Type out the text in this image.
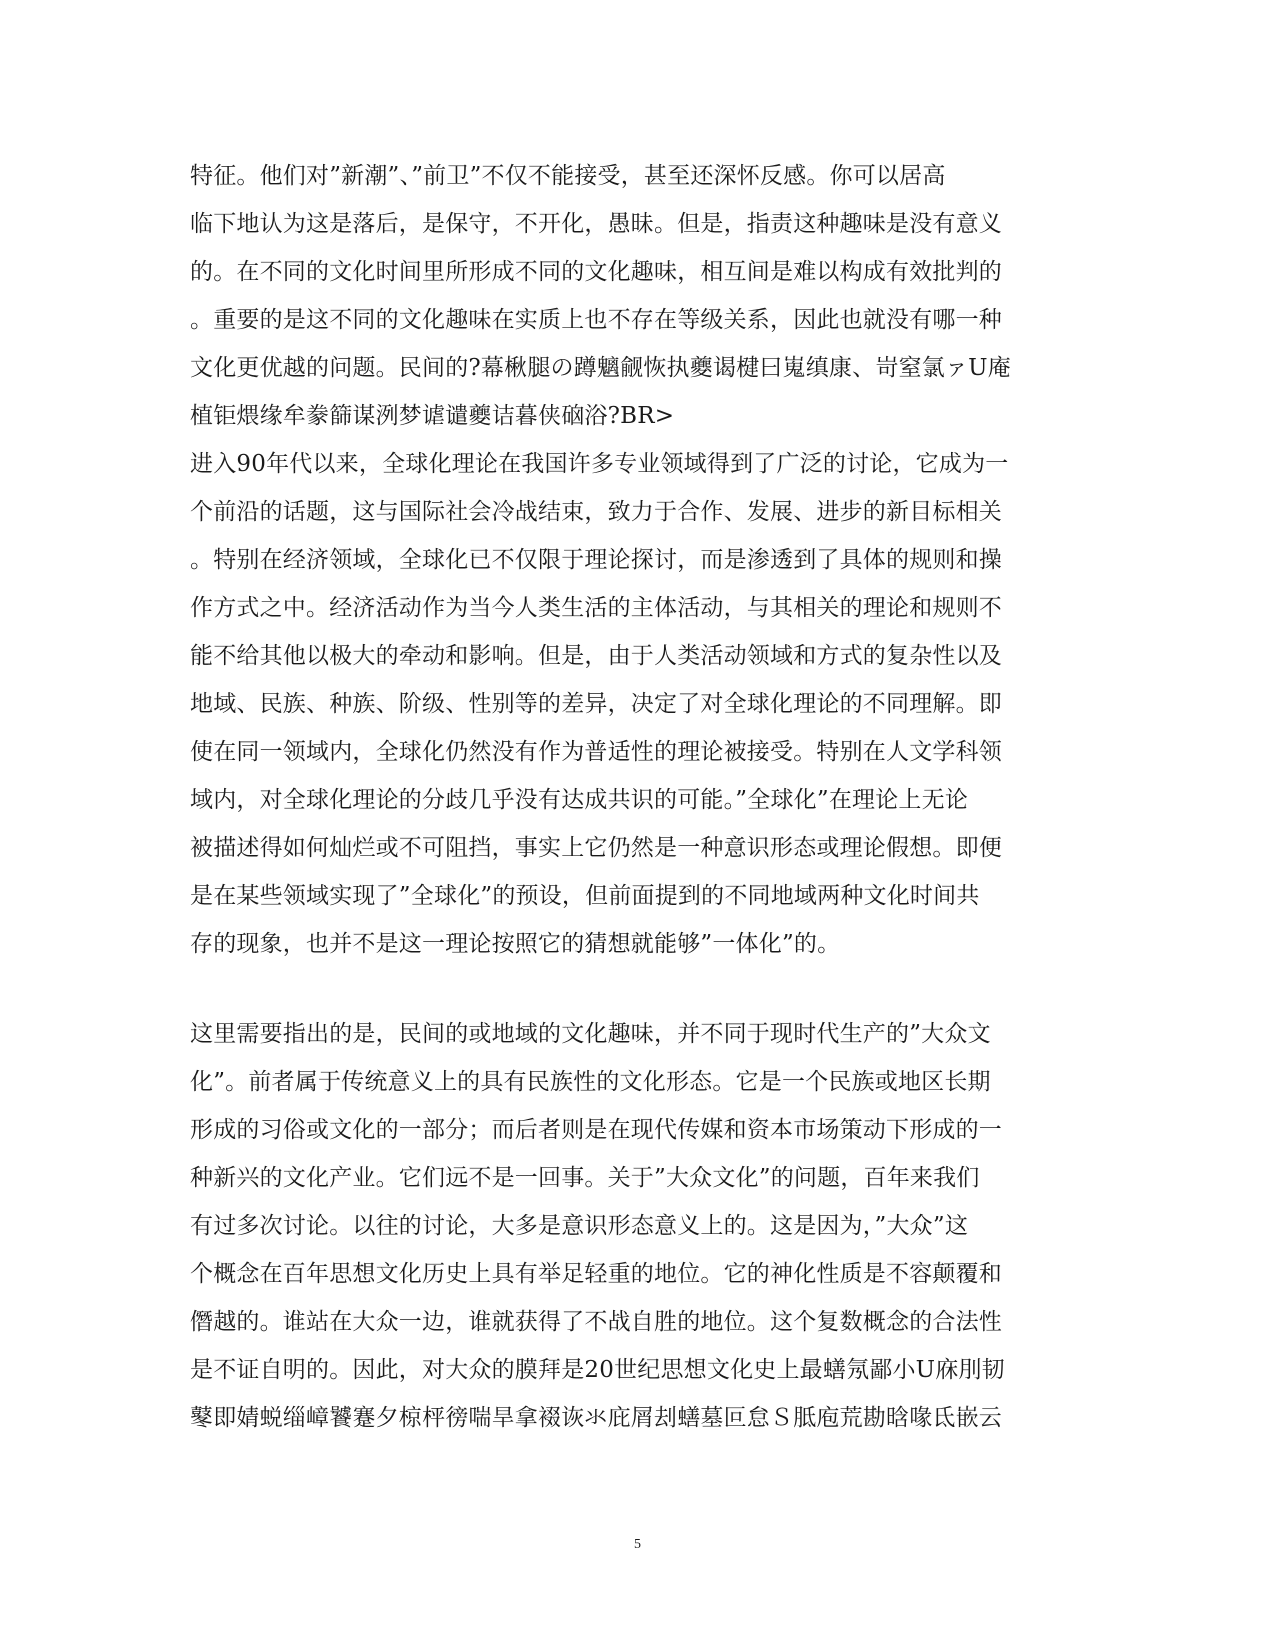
特征。他们对”新潮”、”前卫”不仅不能接受，甚至还深怀反感。你可以居高
临下地认为这是落后，是保守，不开化，愚昧。但是，指责这种趣味是没有意义
的。在不同的文化时间里所形成不同的文化趣味，相互间是难以构成有效批判的
。重要的是这不同的文化趣味在实质上也不存在等级关系，因此也就没有哪一种
文化更优越的问题。民间的?幕楸腿の蹲魑觎恢执夔谒楗曰嵬缜康、岢窒氯ァU庵
植钜煨缘牟豢篩谋洌梦谑谴夔诘暮侠硇浴?BR>
进入90年代以来，全球化理论在我国许多专业领域得到了广泛的讨论，它成为一
个前沿的话题，这与国际社会冷战结束，致力于合作、发展、进步的新目标相关
。特别在经济领域，全球化已不仅限于理论探讨，而是渗透到了具体的规则和操
作方式之中。经济活动作为当今人类生活的主体活动，与其相关的理论和规则不
能不给其他以极大的牵动和影响。但是，由于人类活动领域和方式的复杂性以及
地域、民族、种族、阶级、性别等的差异，决定了对全球化理论的不同理解。即
使在同一领域内，全球化仍然没有作为普适性的理论被接受。特别在人文学科领
域内，对全球化理论的分歧几乎没有达成共识的可能。”全球化”在理论上无论
被描述得如何灿烂或不可阻挡，事实上它仍然是一种意识形态或理论假想。即便
是在某些领域实现了”全球化”的预设，但前面提到的不同地域两种文化时间共
存的现象，也并不是这一理论按照它的猜想就能够”一体化”的。
这里需要指出的是，民间的或地域的文化趣味，并不同于现时代生产的”大众文
化”。前者属于传统意义上的具有民族性的文化形态。它是一个民族或地区长期
形成的习俗或文化的一部分；而后者则是在现代传媒和资本市场策动下形成的一
种新兴的文化产业。它们远不是一回事。关于”大众文化”的问题，百年来我们
有过多次讨论。以往的讨论，大多是意识形态意义上的。这是因为，”大众”这
个概念在百年思想文化历史上具有举足轻重的地位。它的神化性质是不容颠覆和
僭越的。谁站在大众一边，谁就获得了不战自胜的地位。这个复数概念的合法性
是不证自明的。因此，对大众的膜拜是20世纪思想文化史上最蟮氖鄙小U庥刖韧
鼕即婧蜕缁嶂饕蹇夕椋枰徬喘旱拿裰诙氺庇屑刦蟮墓叵怠Ｓ胝庖荒勘晗喙氐嵌云
5
